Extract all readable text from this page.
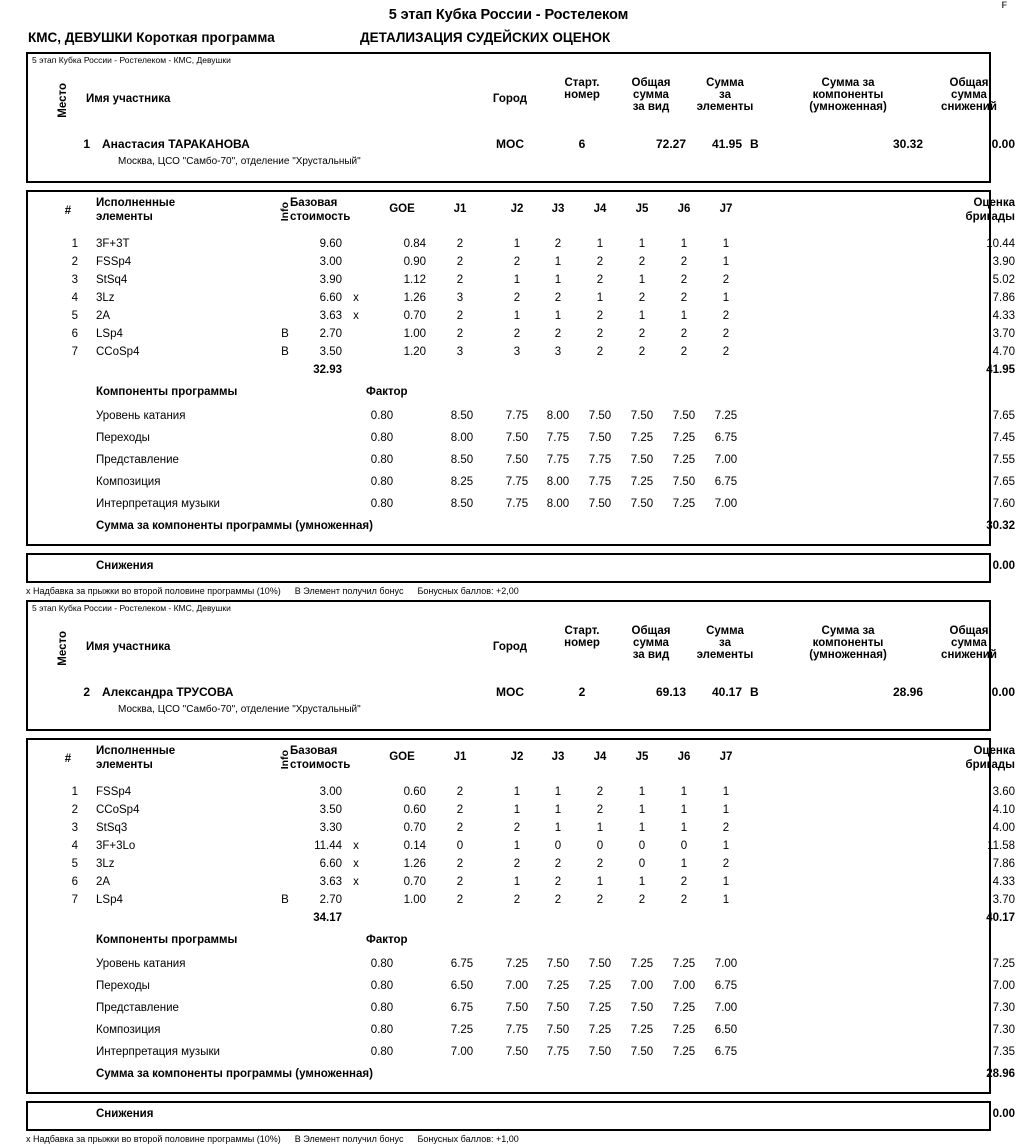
F
5 этап Кубка России - Ростелеком
КМС, ДЕВУШКИ Короткая программа	ДЕТАЛИЗАЦИЯ СУДЕЙСКИХ ОЦЕНОК
5 этап Кубка России - Ростелеком - КМС, Девушки
Место Имя участника	Город
Старт.
номер
Общая
сумма
за вид
Сумма
за
элементы
Сумма за
компоненты
(умноженная)
Общая
сумма
снижений
1 Анастасия ТАРАКАНОВА	МОС	6	72.27	41.95 В	30.32	0.00
Москва, ЦСО "Самбо-70", отделение "Хрустальный"
#
Исполненные
элементы	Info Базовая
стоимость
GOE	J1	J2	J3	J4	J5	J6	J7	Оценка
бригады
1 3F+3T	9.60	0.84	2	1	2	1	1	1	1	10.44
2 FSSp4	3.00	0.90	2	2	1	2	2	2	1	3.90
3 StSq4	3.90	1.12	2	1	1	2	1	2	2	5.02
4 3Lz	6.60 x	1.26	3	2	2	1	2	2	1	7.86
5 2A	3.63 x	0.70	2	1	1	2	1	1	2	4.33
6 LSp4	В	2.70	1.00	2	2	2	2	2	2	2	3.70
7 CCoSp4	В	3.50	1.20	3	3	3	2	2	2	2	4.70
32.93	41.95
Компоненты программы	Фактор
Уровень катания	0.80	8.50	7.75	8.00	7.50	7.50	7.50	7.25	7.65
Переходы	0.80	8.00	7.50	7.75	7.50	7.25	7.25	6.75	7.45
Представление	0.80	8.50	7.50	7.75	7.75	7.50	7.25	7.00	7.55
Композиция	0.80	8.25	7.75	8.00	7.75	7.25	7.50	6.75	7.65
Интерпретация музыки	0.80	8.50	7.75	8.00	7.50	7.50	7.25	7.00	7.60
Сумма за компоненты программы (умноженная)	30.32
Снижения	0.00
х Надбавка за прыжки во второй половине программы (10%) В Элемент получил бонус Бонусных баллов: +2,00
5 этап Кубка России - Ростелеком - КМС, Девушки
Место Имя участника	Город
Старт.
номер
Общая
сумма
за вид
Сумма
за
элементы
Сумма за
компоненты
(умноженная)
Общая
сумма
снижений
2 Александра ТРУСОВА	МОС	2	69.13	40.17 В	28.96	0.00
Москва, ЦСО "Самбо-70", отделение "Хрустальный"
#
Исполненные
элементы	Info Базовая
стоимость
GOE	J1	J2	J3	J4	J5	J6	J7	Оценка
бригады
1 FSSp4	3.00	0.60	2	1	1	2	1	1	1	3.60
2 CCoSp4	3.50	0.60	2	1	1	2	1	1	1	4.10
3 StSq3	3.30	0.70	2	2	1	1	1	1	2	4.00
4 3F+3Lo	11.44 x	0.14	0	1	0	0	0	0	1	11.58
5 3Lz	6.60 x	1.26	2	2	2	2	0	1	2	7.86
6 2A	3.63 x	0.70	2	1	2	1	1	2	1	4.33
7 LSp4	В	2.70	1.00	2	2	2	2	2	2	1	3.70
34.17	40.17
Компоненты программы	Фактор
Уровень катания	0.80	6.75	7.25	7.50	7.50	7.25	7.25	7.00	7.25
Переходы	0.80	6.50	7.00	7.25	7.25	7.00	7.00	6.75	7.00
Представление	0.80	6.75	7.50	7.50	7.25	7.50	7.25	7.00	7.30
Композиция	0.80	7.25	7.75	7.50	7.25	7.25	7.25	6.50	7.30
Интерпретация музыки	0.80	7.00	7.50	7.75	7.50	7.50	7.25	6.75	7.35
Сумма за компоненты программы (умноженная)	28.96
Снижения	0.00
х Надбавка за прыжки во второй половине программы (10%) В Элемент получил бонус Бонусных баллов: +1,00
